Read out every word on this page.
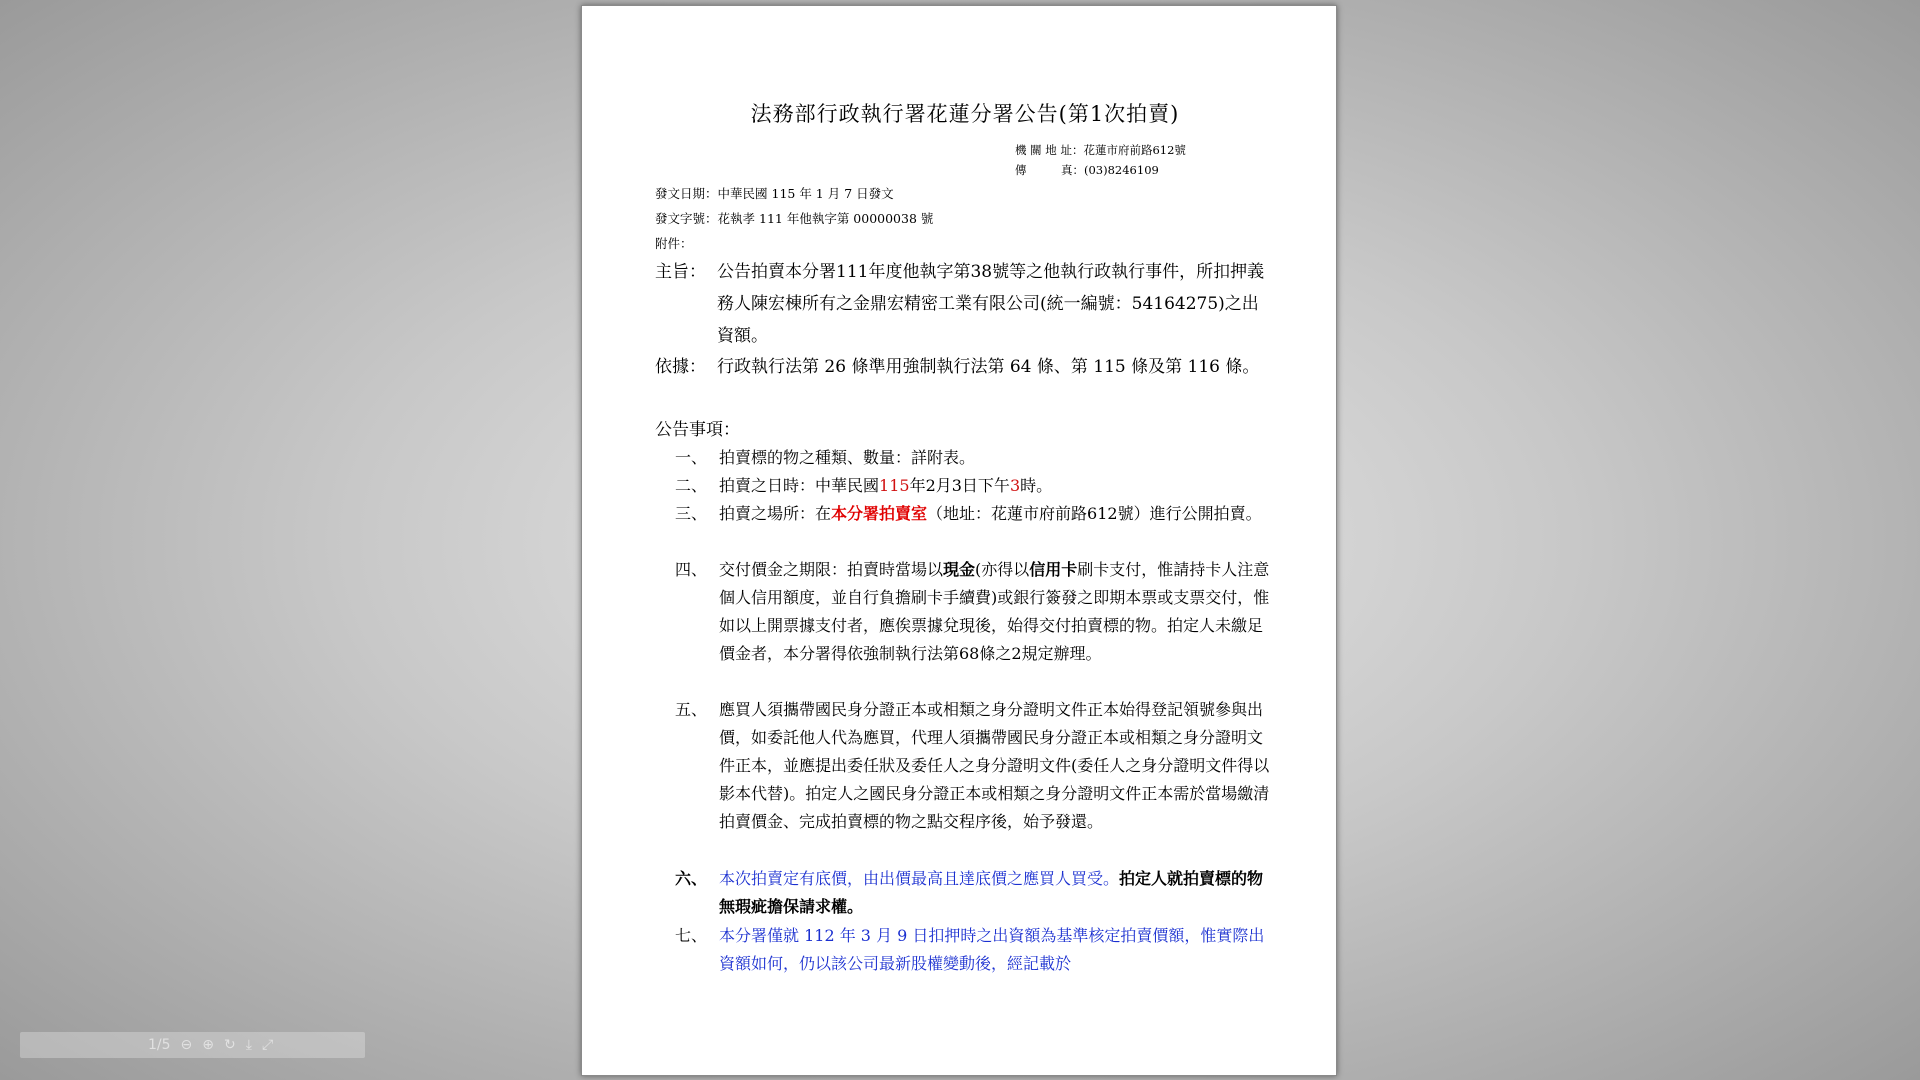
法務部行政執行署花蓮分署公告(第1次拍賣)
機 關 地 址：花蓮市府前路612號
傳　　　真：(03)8246109
發文日期：中華民國 115 年 1 月 7 日發文
發文字號：花執孝 111 年他執字第 00000038 號
附件：
主旨： 公告拍賣本分署111年度他執字第38號等之他執行政執行事件，所扣押義務人陳宏棟所有之金鼎宏精密工業有限公司(統一編號：54164275)之出資額。
依據： 行政執行法第 26 條準用強制執行法第 64 條、第 115 條及第 116 條。
公告事項：
一、 拍賣標的物之種類、數量：詳附表。
二、 拍賣之日時：中華民國115年2月3日下午3時。
三、 拍賣之場所：在本分署拍賣室（地址：花蓮市府前路612號）進行公開拍賣。
四、 交付價金之期限：拍賣時當場以現金(亦得以信用卡刷卡支付，惟請持卡人注意個人信用額度，並自行負擔刷卡手續費)或銀行簽發之即期本票或支票交付，惟如以上開票據支付者，應俟票據兌現後，始得交付拍賣標的物。拍定人未繳足價金者，本分署得依強制執行法第68條之2規定辦理。
五、 應買人須攜帶國民身分證正本或相類之身分證明文件正本始得登記領號參與出價，如委託他人代為應買，代理人須攜帶國民身分證正本或相類之身分證明文件正本，並應提出委任狀及委任人之身分證明文件(委任人之身分證明文件得以影本代替)。拍定人之國民身分證正本或相類之身分證明文件正本需於當場繳清拍賣價金、完成拍賣標的物之點交程序後，始予發還。
六、 本次拍賣定有底價，由出價最高且達底價之應買人買受。拍定人就拍賣標的物無瑕疵擔保請求權。
七、 本分署僅就 112 年 3 月 9 日扣押時之出資額為基準核定拍賣價額，惟實際出資額如何，仍以該公司最新股權變動後，經記載於
1/5 ⊖ ⊕ ↻ ⤓ ⤢
